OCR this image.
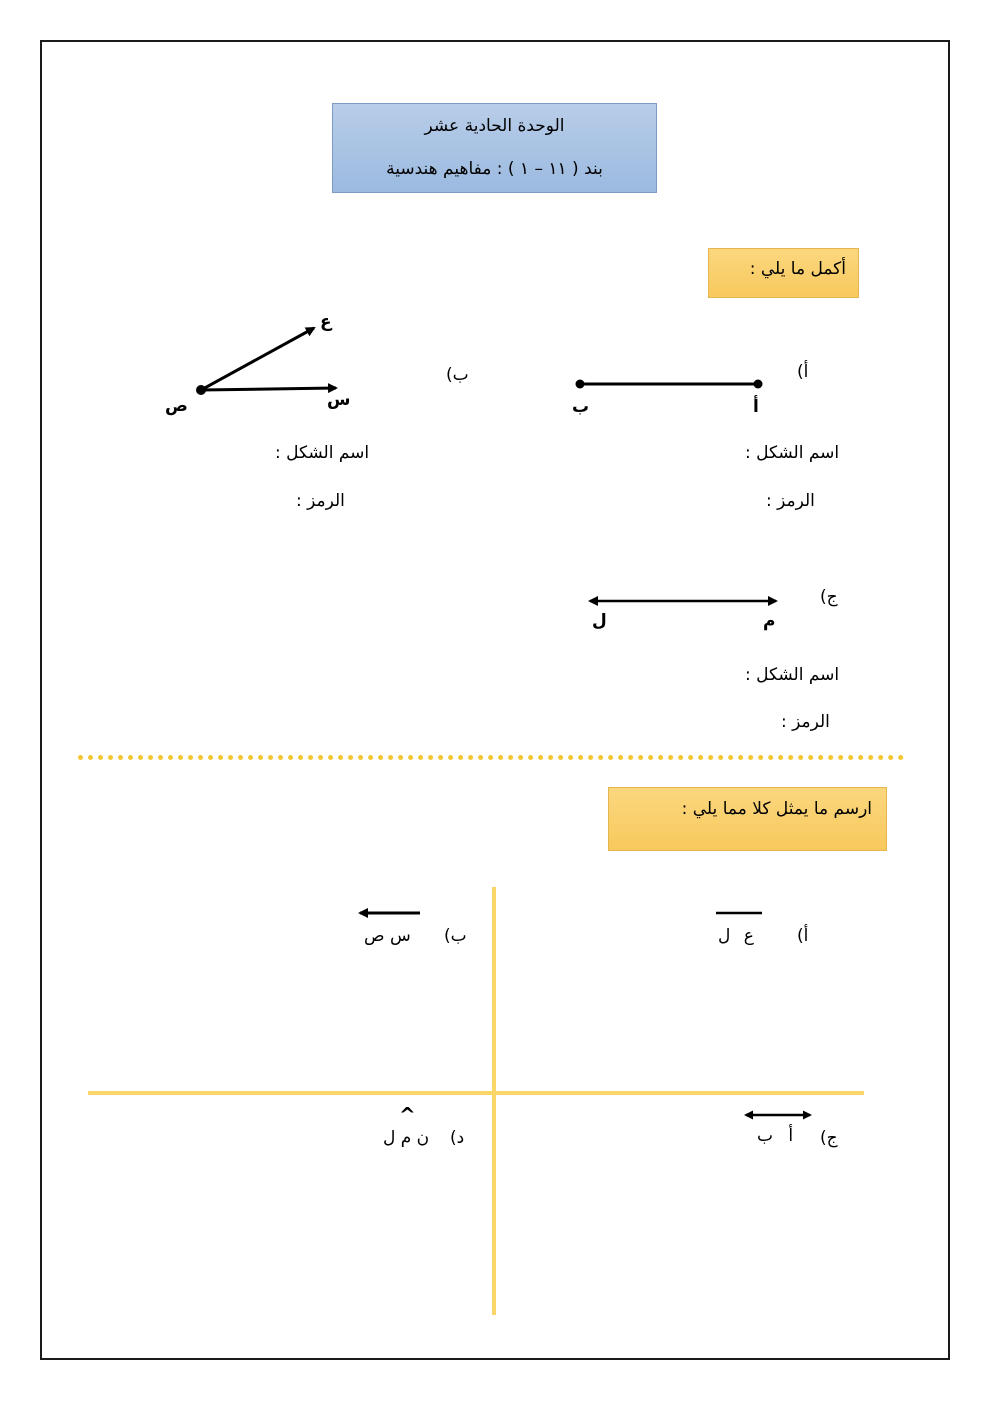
الوحدة الحادية عشر
بند ( ١١ – ١ ) : مفاهيم هندسية
أكمل ما يلي :
أ)
أ
ب
اسم الشكل :
الرمز :
ب)
ع
س
ص
اسم الشكل :
الرمز :
ج)
م
ل
اسم الشكل :
الرمز :
ارسم ما يمثل كلا مما يلي :
أ)
ع ل
ب)
س ص
ج)
أ ب
د)
^
ن م ل
